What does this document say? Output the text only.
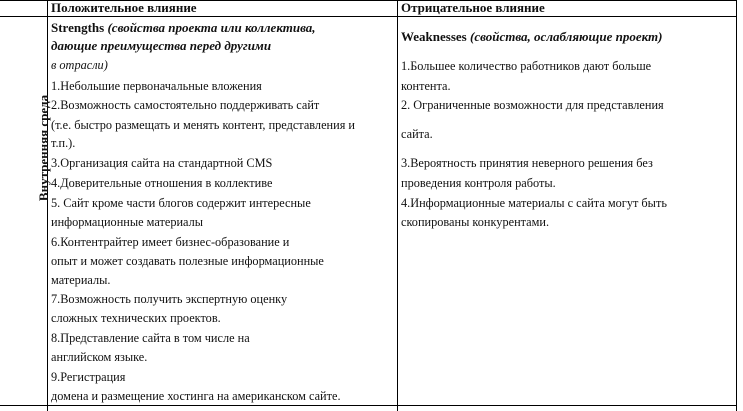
Положительное влияние	Отрицательное влияние
Внутренняя среда
Strengths (свойства проекта или коллектива,
дающие преимущества перед другими
в отрасли)
1.Небольшие первоначальные вложения
2.Возможность самостоятельно поддерживать сайт
(т.е. быстро размещать и менять контент, представления и
т.п.).
3.Организация сайта на стандартной CMS
4.Доверительные отношения в коллективе
5. Сайт кроме части блогов содержит интересные
информационные материалы
6.Контентрайтер имеет бизнес-образование и
опыт и может создавать полезные информационные
материалы.
7.Возможность получить экспертную оценку
сложных технических проектов.
8.Представление сайта в том числе на
английском языке.
9.Регистрация
домена и размещение хостинга на американском сайте.
Weaknesses (свойства, ослабляющие проект)
1.Большее количество работников дают больше
контента.
2. Ограниченные возможности для представления
сайта.
3.Вероятность принятия неверного решения без
проведения контроля работы.
4.Информационные материалы с сайта могут быть
скопированы конкурентами.
